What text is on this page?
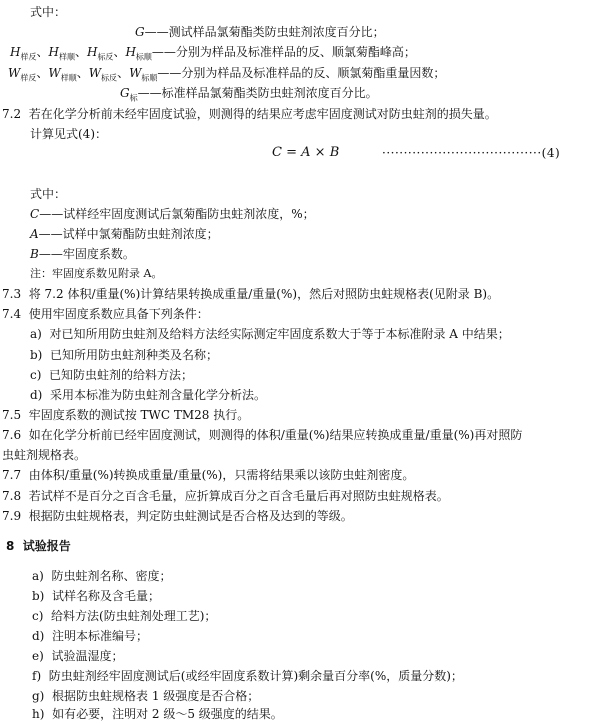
式中：
G——测试样品氯菊酯类防虫蛀剂浓度百分比；
$H_{样反}$、$H_{样顺}$、$H_{标反}$、$H_{标顺}——$分别为样品及标准样品的反、顺氯菊酯峰高；
$W_{样反}$、$W_{样顺}$、$W_{标反}$、$W_{标顺}——$分别为样品及标准样品的反、顺氯菊酯重量因数；
$G_标——$标准样品氯菊酯类防虫蛀剂浓度百分比。
7.2 若在化学分析前未经牢固度试验，则测得的结果应考虑牢固度测试对防虫蛀剂的损失量。
计算见式(4)：
C = A × B	·····································(4)
式中：
C——试样经牢固度测试后氯菊酯防虫蛀剂浓度，%；
A——试样中氯菊酯防虫蛀剂浓度；
B——牢固度系数。
注：牢固度系数见附录 A。
7.3 将 7.2 体积/重量(%)计算结果转换成重量/重量(%)，然后对照防虫蛀规格表(见附录 B)。
7.4 使用牢固度系数应具备下列条件：
a) 对已知所用防虫蛀剂及给料方法经实际测定牢固度系数大于等于本标准附录 A 中结果；
b) 已知所用防虫蛀剂种类及名称；
c) 已知防虫蛀剂的给料方法；
d) 采用本标准为防虫蛀剂含量化学分析法。
7.5 牢固度系数的测试按 TWC TM28 执行。
7.6 如在化学分析前已经牢固度测试，则测得的体积/重量(%)结果应转换成重量/重量(%)再对照防
虫蛀剂规格表。
7.7 由体积/重量(%)转换成重量/重量(%)，只需将结果乘以该防虫蛀剂密度。
7.8 若试样不是百分之百含毛量，应折算成百分之百含毛量后再对照防虫蛀规格表。
7.9 根据防虫蛀规格表，判定防虫蛀测试是否合格及达到的等级。
8 试验报告
a) 防虫蛀剂名称、密度；
b) 试样名称及含毛量；
c) 给料方法(防虫蛀剂处理工艺)；
d) 注明本标准编号；
e) 试验温湿度；
f) 防虫蛀剂经牢固度测试后(或经牢固度系数计算)剩余量百分率(%，质量分数)；
g) 根据防虫蛀规格表 1 级强度是否合格；
h) 如有必要，注明对 2 级～5 级强度的结果。
